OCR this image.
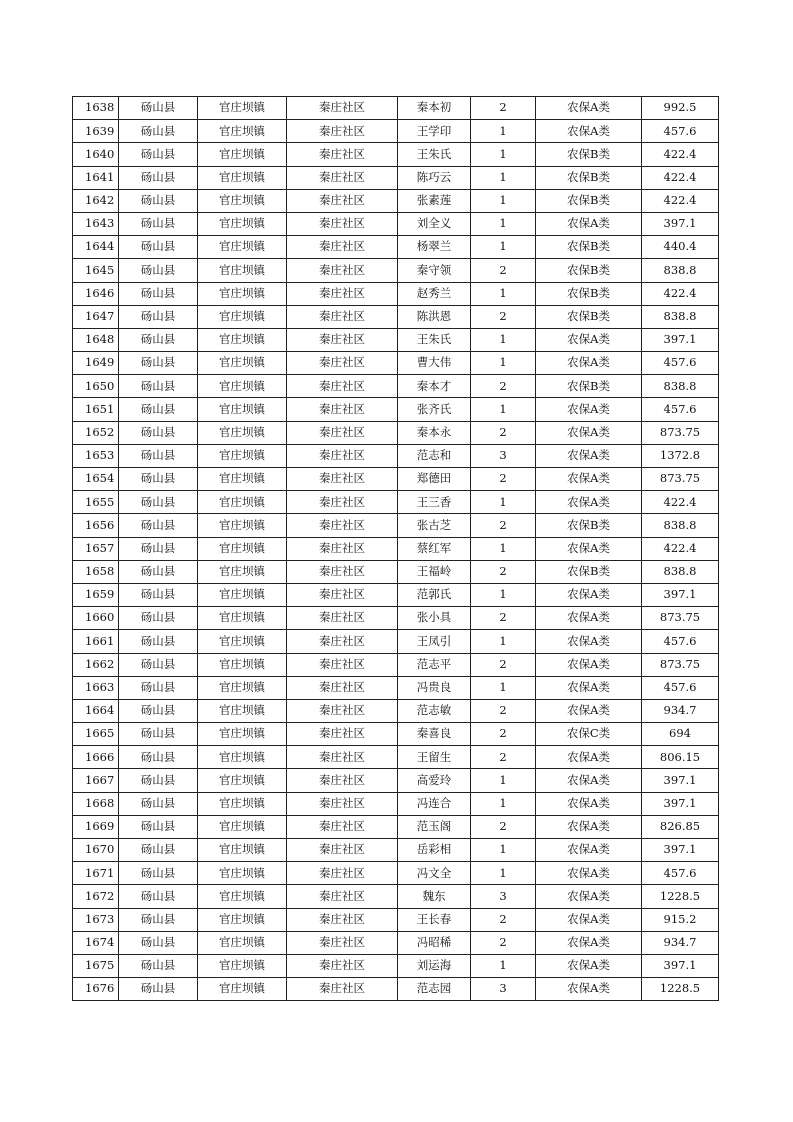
1638	砀山县	官庄坝镇	秦庄社区	秦本初	2	农保A类	992.5
1639	砀山县	官庄坝镇	秦庄社区	王学印	1	农保A类	457.6
1640	砀山县	官庄坝镇	秦庄社区	王朱氏	1	农保B类	422.4
1641	砀山县	官庄坝镇	秦庄社区	陈巧云	1	农保B类	422.4
1642	砀山县	官庄坝镇	秦庄社区	张素莲	1	农保B类	422.4
1643	砀山县	官庄坝镇	秦庄社区	刘全义	1	农保A类	397.1
1644	砀山县	官庄坝镇	秦庄社区	杨翠兰	1	农保B类	440.4
1645	砀山县	官庄坝镇	秦庄社区	秦守领	2	农保B类	838.8
1646	砀山县	官庄坝镇	秦庄社区	赵秀兰	1	农保B类	422.4
1647	砀山县	官庄坝镇	秦庄社区	陈洪恩	2	农保B类	838.8
1648	砀山县	官庄坝镇	秦庄社区	王朱氏	1	农保A类	397.1
1649	砀山县	官庄坝镇	秦庄社区	曹大伟	1	农保A类	457.6
1650	砀山县	官庄坝镇	秦庄社区	秦本才	2	农保B类	838.8
1651	砀山县	官庄坝镇	秦庄社区	张齐氏	1	农保A类	457.6
1652	砀山县	官庄坝镇	秦庄社区	秦本永	2	农保A类	873.75
1653	砀山县	官庄坝镇	秦庄社区	范志和	3	农保A类	1372.8
1654	砀山县	官庄坝镇	秦庄社区	郑德田	2	农保A类	873.75
1655	砀山县	官庄坝镇	秦庄社区	王三香	1	农保A类	422.4
1656	砀山县	官庄坝镇	秦庄社区	张古芝	2	农保B类	838.8
1657	砀山县	官庄坝镇	秦庄社区	蔡红军	1	农保A类	422.4
1658	砀山县	官庄坝镇	秦庄社区	王福岭	2	农保B类	838.8
1659	砀山县	官庄坝镇	秦庄社区	范郭氏	1	农保A类	397.1
1660	砀山县	官庄坝镇	秦庄社区	张小具	2	农保A类	873.75
1661	砀山县	官庄坝镇	秦庄社区	王凤引	1	农保A类	457.6
1662	砀山县	官庄坝镇	秦庄社区	范志平	2	农保A类	873.75
1663	砀山县	官庄坝镇	秦庄社区	冯贵良	1	农保A类	457.6
1664	砀山县	官庄坝镇	秦庄社区	范志敏	2	农保A类	934.7
1665	砀山县	官庄坝镇	秦庄社区	秦喜良	2	农保C类	694
1666	砀山县	官庄坝镇	秦庄社区	王留生	2	农保A类	806.15
1667	砀山县	官庄坝镇	秦庄社区	高爱玲	1	农保A类	397.1
1668	砀山县	官庄坝镇	秦庄社区	冯连合	1	农保A类	397.1
1669	砀山县	官庄坝镇	秦庄社区	范玉阁	2	农保A类	826.85
1670	砀山县	官庄坝镇	秦庄社区	岳彩相	1	农保A类	397.1
1671	砀山县	官庄坝镇	秦庄社区	冯文全	1	农保A类	457.6
1672	砀山县	官庄坝镇	秦庄社区	魏东	3	农保A类	1228.5
1673	砀山县	官庄坝镇	秦庄社区	王长春	2	农保A类	915.2
1674	砀山县	官庄坝镇	秦庄社区	冯昭稀	2	农保A类	934.7
1675	砀山县	官庄坝镇	秦庄社区	刘运海	1	农保A类	397.1
1676	砀山县	官庄坝镇	秦庄社区	范志园	3	农保A类	1228.5
